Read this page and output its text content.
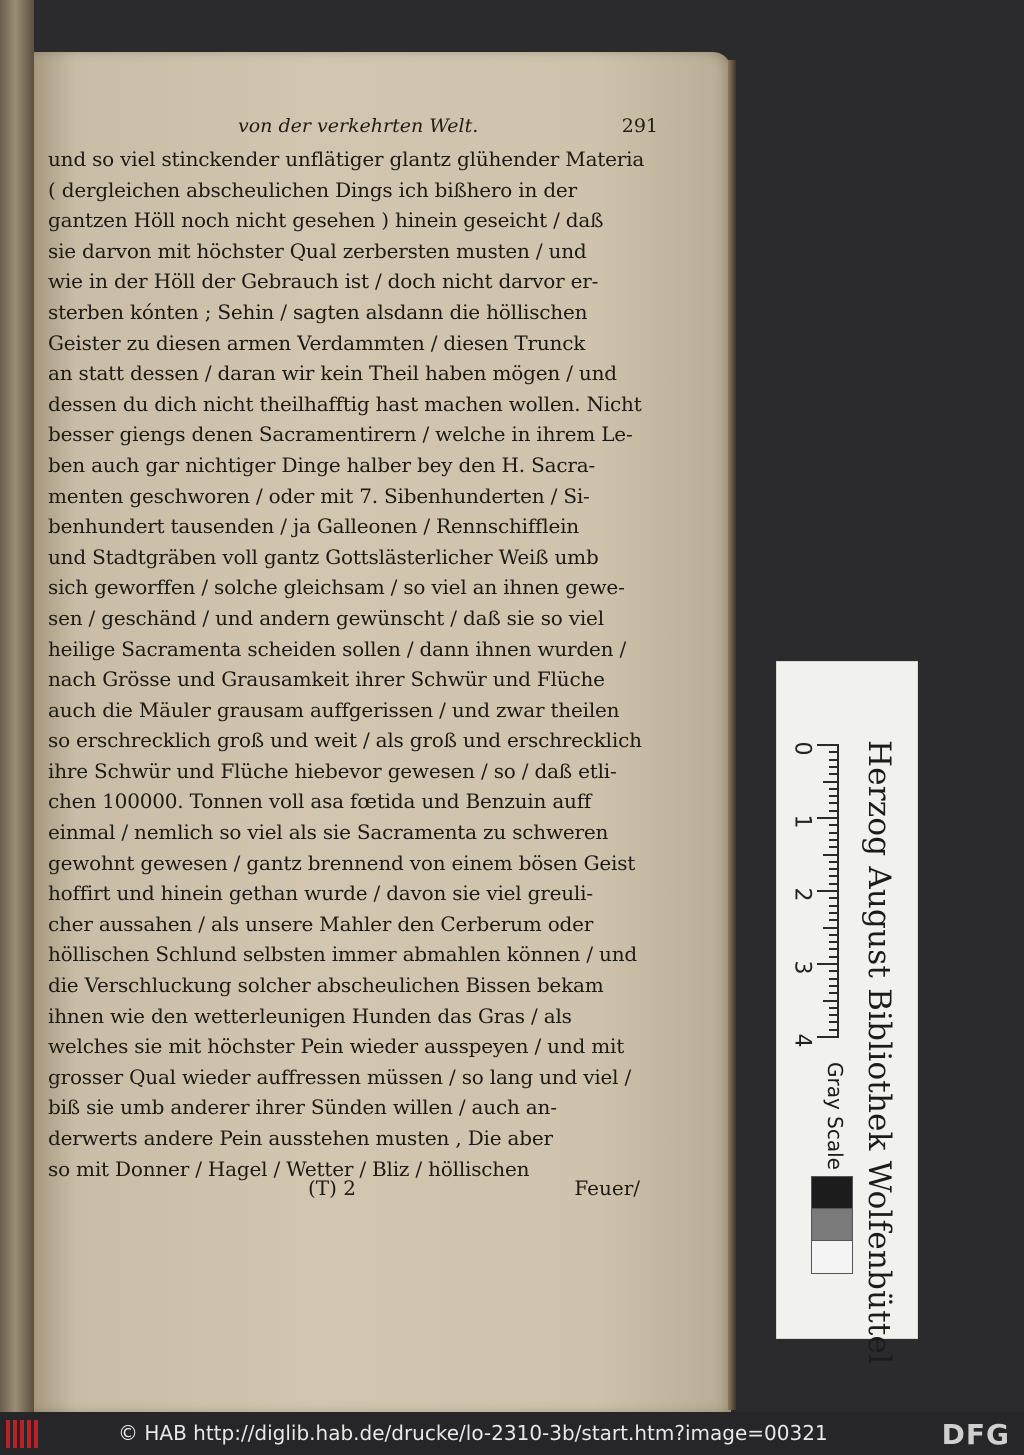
von der verkehrten Welt.	291
und so viel stinckender unflätiger glantz glühender Materia
( dergleichen abscheulichen Dings ich bißhero in der
gantzen Höll noch nicht gesehen ) hinein geseicht / daß
sie darvon mit höchster Qual zerbersten musten / und
wie in der Höll der Gebrauch ist / doch nicht darvor er-
sterben kónten ; Sehin / sagten alsdann die höllischen
Geister zu diesen armen Verdammten / diesen Trunck
an statt dessen / daran wir kein Theil haben mögen / und
dessen du dich nicht theilhafftig hast machen wollen. Nicht
besser giengs denen Sacramentirern / welche in ihrem Le-
ben auch gar nichtiger Dinge halber bey den H. Sacra-
menten geschworen / oder mit 7. Sibenhunderten / Si-
benhundert tausenden / ja Galleonen / Rennschifflein
und Stadtgräben voll gantz Gottslästerlicher Weiß umb
sich geworffen / solche gleichsam / so viel an ihnen gewe-
sen / geschänd / und andern gewünscht / daß sie so viel
heilige Sacramenta scheiden sollen / dann ihnen wurden /
nach Grösse und Grausamkeit ihrer Schwür und Flüche
auch die Mäuler grausam auffgerissen / und zwar theilen
so erschrecklich groß und weit / als groß und erschrecklich
ihre Schwür und Flüche hiebevor gewesen / so / daß etli-
chen 100000. Tonnen voll asa fœtida und Benzuin auff
einmal / nemlich so viel als sie Sacramenta zu schweren
gewohnt gewesen / gantz brennend von einem bösen Geist
hoffirt und hinein gethan wurde / davon sie viel greuli-
cher aussahen / als unsere Mahler den Cerberum oder
höllischen Schlund selbsten immer abmahlen können / und
die Verschluckung solcher abscheulichen Bissen bekam
ihnen wie den wetterleunigen Hunden das Gras / als
welches sie mit höchster Pein wieder ausspeyen / und mit
grosser Qual wieder auffressen müssen / so lang und viel /
biß sie umb anderer ihrer Sünden willen / auch an-
derwerts andere Pein ausstehen musten , Die aber
so mit Donner / Hagel / Wetter / Bliz / höllischen
(T) 2	Feuer/	Herzog August Bibliothek Wolfenbüttel
0
1
2
3
4
Gray Scale
© HAB http://diglib.hab.de/drucke/lo-2310-3b/start.htm?image=00321	DFG
